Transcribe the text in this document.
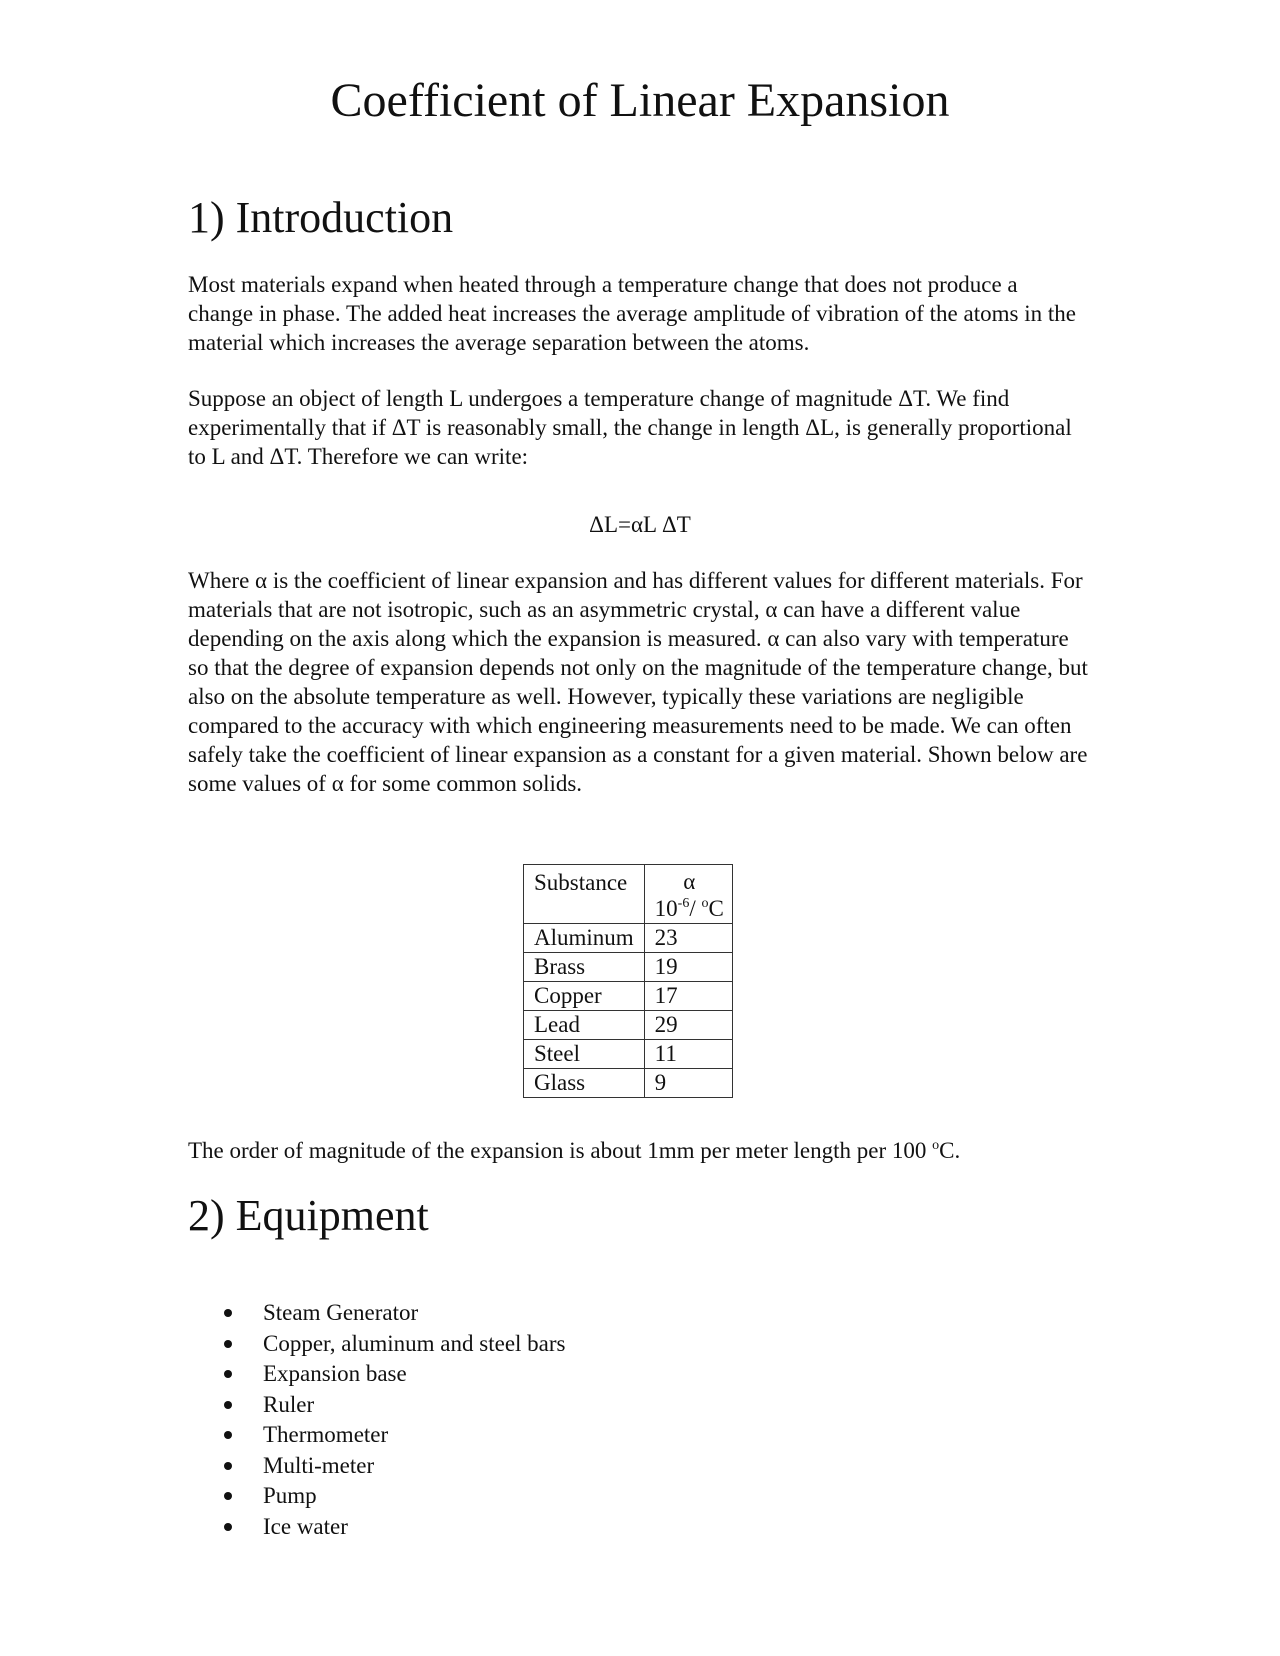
Coefficient of Linear Expansion
1) Introduction

Most materials expand when heated through a temperature change that does not produce a change in phase. The added heat increases the average amplitude of vibration of the atoms in the material which increases the average separation between the atoms.

Suppose an object of length L undergoes a temperature change of magnitude ΔT. We find experimentally that if ΔT is reasonably small, the change in length ΔL, is generally proportional to L and ΔT. Therefore we can write:

ΔL=αL ΔT

Where α is the coefficient of linear expansion and has different values for different materials. For materials that are not isotropic, such as an asymmetric crystal, α can have a different value depending on the axis along which the expansion is measured. α can also vary with temperature so that the degree of expansion depends not only on the magnitude of the temperature change, but also on the absolute temperature as well. However, typically these variations are negligible compared to the accuracy with which engineering measurements need to be made. We can often safely take the coefficient of linear expansion as a constant for a given material. Shown below are some values of α for some common solids.

Substance	α
$10^{-6}/$ $^o$C

Aluminum	23
Brass	19
Copper	17
Lead	29
Steel	11
Glass	9

The order of magnitude of the expansion is about 1mm per meter length per 100 $^o$C.

2) Equipment
Steam Generator
Copper, aluminum and steel bars
Expansion base
Ruler
Thermometer
Multi-meter
Pump
Ice water
